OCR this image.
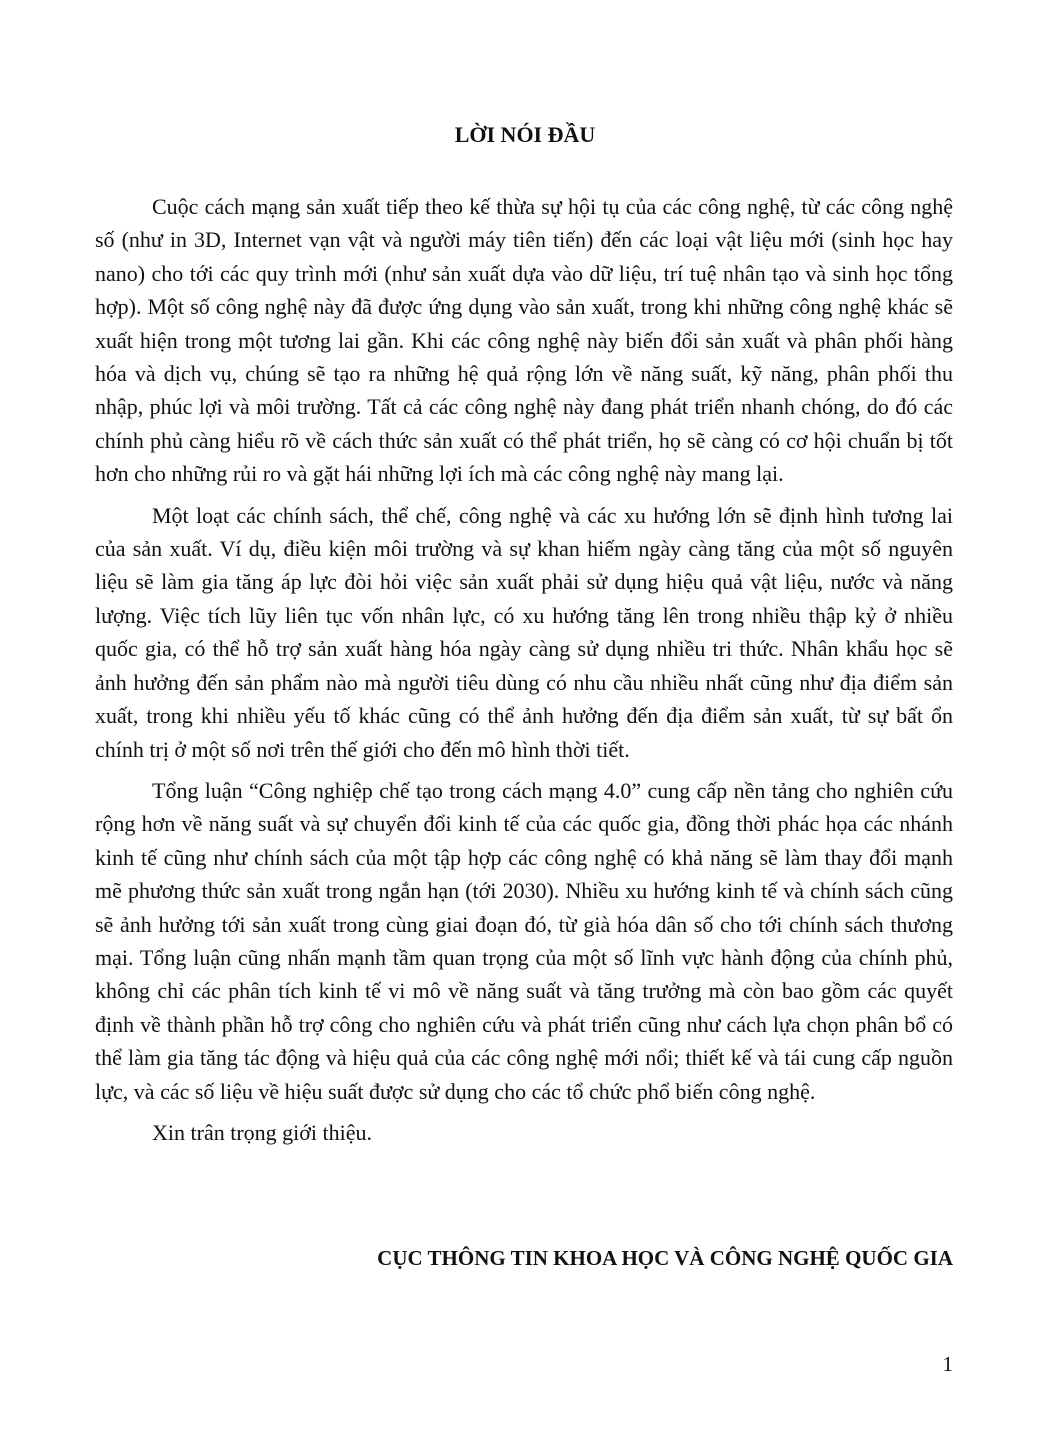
LỜI NÓI ĐẦU

Cuộc cách mạng sản xuất tiếp theo kế thừa sự hội tụ của các công nghệ, từ các công nghệ số (như in 3D, Internet vạn vật và người máy tiên tiến) đến các loại vật liệu mới (sinh học hay nano) cho tới các quy trình mới (như sản xuất dựa vào dữ liệu, trí tuệ nhân tạo và sinh học tổng hợp). Một số công nghệ này đã được ứng dụng vào sản xuất, trong khi những công nghệ khác sẽ xuất hiện trong một tương lai gần. Khi các công nghệ này biến đổi sản xuất và phân phối hàng hóa và dịch vụ, chúng sẽ tạo ra những hệ quả rộng lớn về năng suất, kỹ năng, phân phối thu nhập, phúc lợi và môi trường. Tất cả các công nghệ này đang phát triển nhanh chóng, do đó các chính phủ càng hiểu rõ về cách thức sản xuất có thể phát triển, họ sẽ càng có cơ hội chuẩn bị tốt hơn cho những rủi ro và gặt hái những lợi ích mà các công nghệ này mang lại.

Một loạt các chính sách, thể chế, công nghệ và các xu hướng lớn sẽ định hình tương lai của sản xuất. Ví dụ, điều kiện môi trường và sự khan hiếm ngày càng tăng của một số nguyên liệu sẽ làm gia tăng áp lực đòi hỏi việc sản xuất phải sử dụng hiệu quả vật liệu, nước và năng lượng. Việc tích lũy liên tục vốn nhân lực, có xu hướng tăng lên trong nhiều thập kỷ ở nhiều quốc gia, có thể hỗ trợ sản xuất hàng hóa ngày càng sử dụng nhiều tri thức. Nhân khẩu học sẽ ảnh hưởng đến sản phẩm nào mà người tiêu dùng có nhu cầu nhiều nhất cũng như địa điểm sản xuất, trong khi nhiều yếu tố khác cũng có thể ảnh hưởng đến địa điểm sản xuất, từ sự bất ổn chính trị ở một số nơi trên thế giới cho đến mô hình thời tiết.

Tổng luận “Công nghiệp chế tạo trong cách mạng 4.0” cung cấp nền tảng cho nghiên cứu rộng hơn về năng suất và sự chuyển đổi kinh tế của các quốc gia, đồng thời phác họa các nhánh kinh tế cũng như chính sách của một tập hợp các công nghệ có khả năng sẽ làm thay đổi mạnh mẽ phương thức sản xuất trong ngắn hạn (tới 2030). Nhiều xu hướng kinh tế và chính sách cũng sẽ ảnh hưởng tới sản xuất trong cùng giai đoạn đó, từ già hóa dân số cho tới chính sách thương mại. Tổng luận cũng nhấn mạnh tầm quan trọng của một số lĩnh vực hành động của chính phủ, không chỉ các phân tích kinh tế vi mô về năng suất và tăng trưởng mà còn bao gồm các quyết định về thành phần hỗ trợ công cho nghiên cứu và phát triển cũng như cách lựa chọn phân bổ có thể làm gia tăng tác động và hiệu quả của các công nghệ mới nổi; thiết kế và tái cung cấp nguồn lực, và các số liệu về hiệu suất được sử dụng cho các tổ chức phổ biến công nghệ.

Xin trân trọng giới thiệu.

CỤC THÔNG TIN KHOA HỌC VÀ CÔNG NGHỆ QUỐC GIA

1
